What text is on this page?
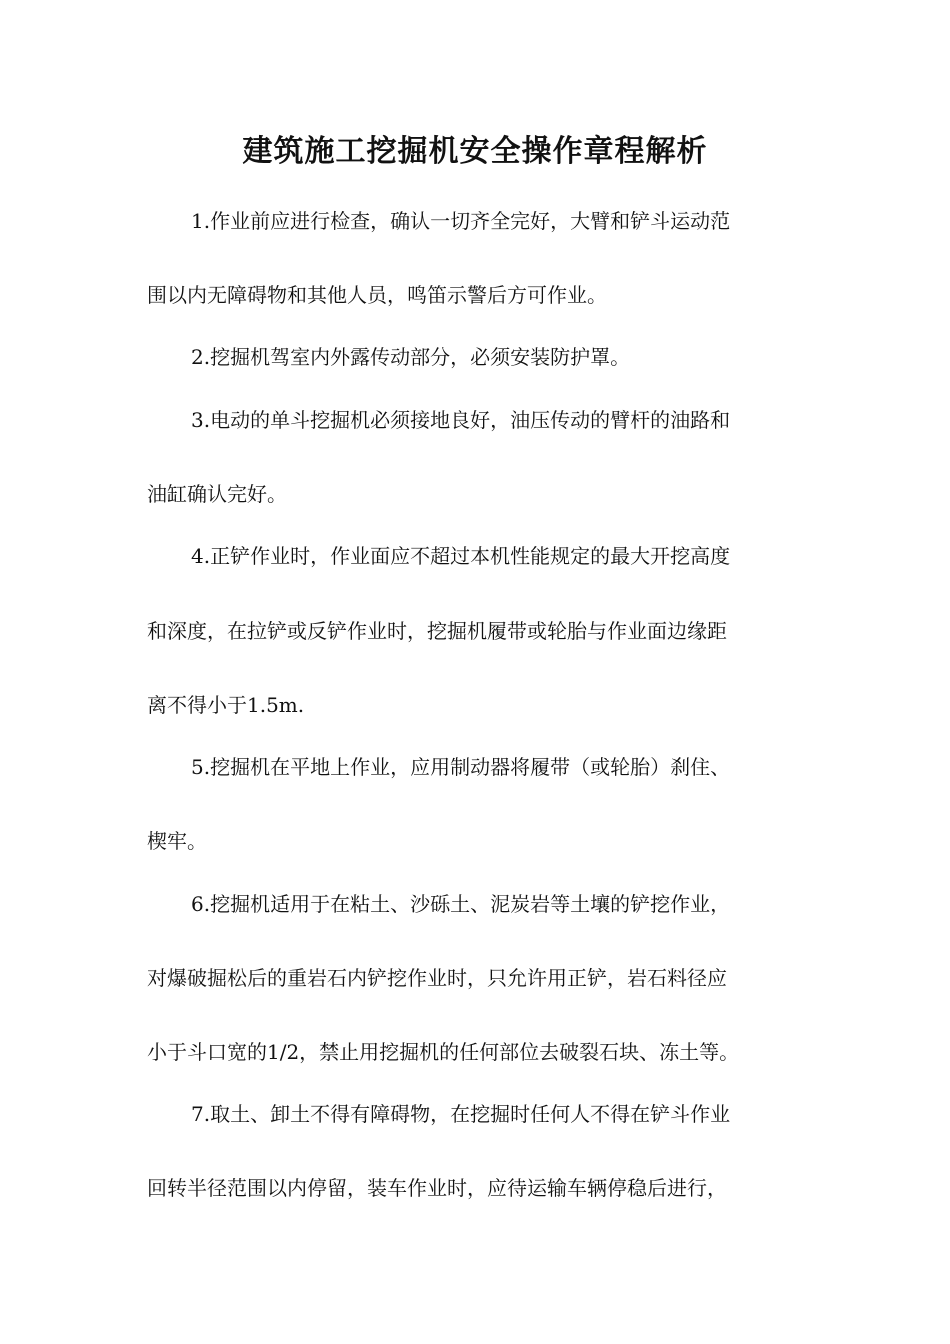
建筑施工挖掘机安全操作章程解析

1.作业前应进行检查，确认一切齐全完好，大臂和铲斗运动范

围以内无障碍物和其他人员，鸣笛示警后方可作业。

2.挖掘机驾室内外露传动部分，必须安装防护罩。

3.电动的单斗挖掘机必须接地良好，油压传动的臂杆的油路和

油缸确认完好。

4.正铲作业时，作业面应不超过本机性能规定的最大开挖高度

和深度，在拉铲或反铲作业时，挖掘机履带或轮胎与作业面边缘距

离不得小于1.5m.

5.挖掘机在平地上作业，应用制动器将履带（或轮胎）刹住、

楔牢。

6.挖掘机适用于在粘土、沙砾土、泥炭岩等土壤的铲挖作业，

对爆破掘松后的重岩石内铲挖作业时，只允许用正铲，岩石料径应

小于斗口宽的1/2，禁止用挖掘机的任何部位去破裂石块、冻土等。

7.取土、卸土不得有障碍物，在挖掘时任何人不得在铲斗作业

回转半径范围以内停留，装车作业时，应待运输车辆停稳后进行，
